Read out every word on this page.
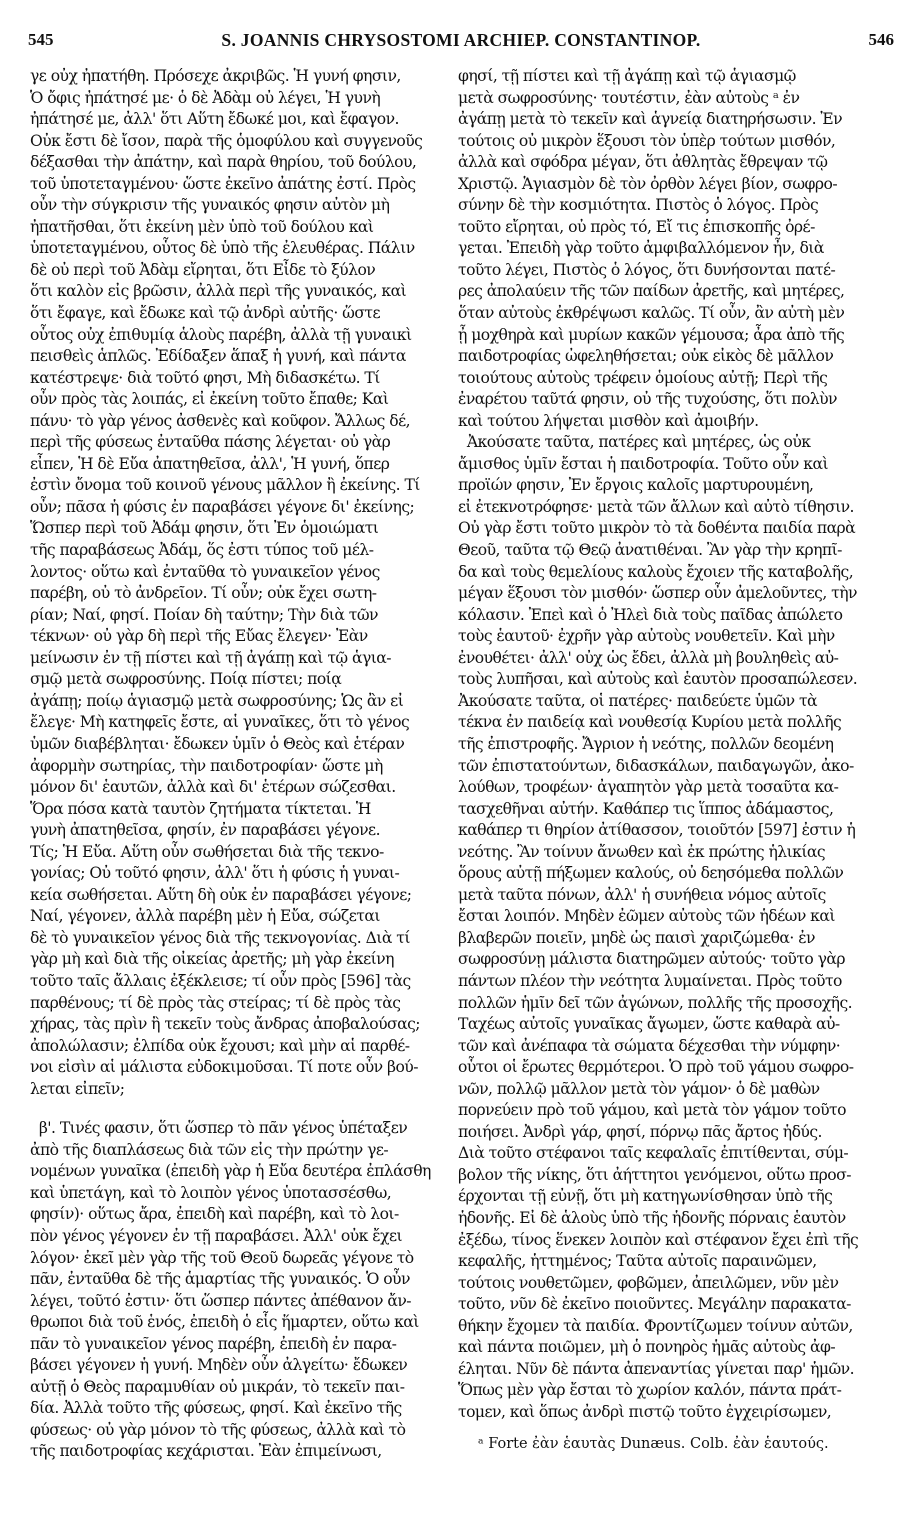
545	S. JOANNIS CHRYSOSTOMI ARCHIEP. CONSTANTINOP.	546
γε οὐχ ἠπατήθη. Πρόσεχε ἀκριβῶς. Ἡ γυνή φησιν,
Ὁ ὄφις ἠπάτησέ με· ὁ δὲ Ἀδὰμ οὐ λέγει, Ἡ γυνὴ
ἠπάτησέ με, ἀλλ' ὅτι Αὕτη ἔδωκέ μοι, καὶ ἔφαγον.
Οὐκ ἔστι δὲ ἴσον, παρὰ τῆς ὁμοφύλου καὶ συγγενοῦς
δέξασθαι τὴν ἀπάτην, καὶ παρὰ θηρίου, τοῦ δούλου,
τοῦ ὑποτεταγμένου· ὥστε ἐκεῖνο ἀπάτης ἐστί. Πρὸς
οὖν τὴν σύγκρισιν τῆς γυναικός φησιν αὐτὸν μὴ
ἠπατῆσθαι, ὅτι ἐκείνη μὲν ὑπὸ τοῦ δούλου καὶ
ὑποτεταγμένου, οὗτος δὲ ὑπὸ τῆς ἐλευθέρας. Πάλιν
δὲ οὐ περὶ τοῦ Ἀδὰμ εἴρηται, ὅτι Εἶδε τὸ ξύλον
ὅτι καλὸν εἰς βρῶσιν, ἀλλὰ περὶ τῆς γυναικός, καὶ
ὅτι ἔφαγε, καὶ ἔδωκε καὶ τῷ ἀνδρὶ αὐτῆς· ὥστε
οὗτος οὐχ ἐπιθυμίᾳ ἁλοὺς παρέβη, ἀλλὰ τῇ γυναικὶ
πεισθεὶς ἁπλῶς. Ἐδίδαξεν ἅπαξ ἡ γυνή, καὶ πάντα
κατέστρεψε· διὰ τοῦτό φησι, Μὴ διδασκέτω. Τί
οὖν πρὸς τὰς λοιπάς, εἰ ἐκείνη τοῦτο ἔπαθε; Καὶ
πάνυ· τὸ γὰρ γένος ἀσθενὲς καὶ κοῦφον. Ἄλλως δέ,
περὶ τῆς φύσεως ἐνταῦθα πάσης λέγεται· οὐ γὰρ
εἶπεν, Ἡ δὲ Εὔα ἀπατηθεῖσα, ἀλλ', Ἡ γυνή, ὅπερ
ἐστὶν ὄνομα τοῦ κοινοῦ γένους μᾶλλον ἢ ἐκείνης. Τί
οὖν; πᾶσα ἡ φύσις ἐν παραβάσει γέγονε δι' ἐκείνης;
Ὥσπερ περὶ τοῦ Ἀδάμ φησιν, ὅτι Ἐν ὁμοιώματι
τῆς παραβάσεως Ἀδάμ, ὅς ἐστι τύπος τοῦ μέλ-
λοντος· οὕτω καὶ ἐνταῦθα τὸ γυναικεῖον γένος
παρέβη, οὐ τὸ ἀνδρεῖον. Τί οὖν; οὐκ ἔχει σωτη-
ρίαν; Ναί, φησί. Ποίαν δὴ ταύτην; Τὴν διὰ τῶν
τέκνων· οὐ γὰρ δὴ περὶ τῆς Εὔας ἔλεγεν· Ἐὰν
μείνωσιν ἐν τῇ πίστει καὶ τῇ ἀγάπῃ καὶ τῷ ἁγια-
σμῷ μετὰ σωφροσύνης. Ποίᾳ πίστει; ποίᾳ
ἀγάπῃ; ποίῳ ἁγιασμῷ μετὰ σωφροσύνης; Ὡς ἂν εἰ
ἔλεγε· Μὴ κατηφεῖς ἔστε, αἱ γυναῖκες, ὅτι τὸ γένος
ὑμῶν διαβέβληται· ἔδωκεν ὑμῖν ὁ Θεὸς καὶ ἑτέραν
ἀφορμὴν σωτηρίας, τὴν παιδοτροφίαν· ὥστε μὴ
μόνον δι' ἑαυτῶν, ἀλλὰ καὶ δι' ἑτέρων σώζεσθαι.
Ὅρα πόσα κατὰ ταυτὸν ζητήματα τίκτεται. Ἡ
γυνὴ ἀπατηθεῖσα, φησίν, ἐν παραβάσει γέγονε.
Τίς; Ἡ Εὔα. Αὕτη οὖν σωθήσεται διὰ τῆς τεκνο-
γονίας; Οὐ τοῦτό φησιν, ἀλλ' ὅτι ἡ φύσις ἡ γυναι-
κεία σωθήσεται. Αὕτη δὴ οὐκ ἐν παραβάσει γέγονε;
Ναί, γέγονεν, ἀλλὰ παρέβη μὲν ἡ Εὔα, σώζεται
δὲ τὸ γυναικεῖον γένος διὰ τῆς τεκνογονίας. Διὰ τί
γὰρ μὴ καὶ διὰ τῆς οἰκείας ἀρετῆς; μὴ γὰρ ἐκείνη
τοῦτο ταῖς ἄλλαις ἐξέκλεισε; τί οὖν πρὸς [596] τὰς
παρθένους; τί δὲ πρὸς τὰς στείρας; τί δὲ πρὸς τὰς
χήρας, τὰς πρὶν ἢ τεκεῖν τοὺς ἄνδρας ἀποβαλούσας;
ἀπολώλασιν; ἐλπίδα οὐκ ἔχουσι; καὶ μὴν αἱ παρθέ-
νοι εἰσὶν αἱ μάλιστα εὐδοκιμοῦσαι. Τί ποτε οὖν βού-
λεται εἰπεῖν;
β'. Τινές φασιν, ὅτι ὥσπερ τὸ πᾶν γένος ὑπέταξεν
ἀπὸ τῆς διαπλάσεως διὰ τῶν εἰς τὴν πρώτην γε-
νομένων γυναῖκα (ἐπειδὴ γὰρ ἡ Εὔα δευτέρα ἐπλάσθη
καὶ ὑπετάγη, καὶ τὸ λοιπὸν γένος ὑποτασσέσθω,
φησίν)· οὕτως ἄρα, ἐπειδὴ καὶ παρέβη, καὶ τὸ λοι-
πὸν γένος γέγονεν ἐν τῇ παραβάσει. Ἀλλ' οὐκ ἔχει
λόγον· ἐκεῖ μὲν γὰρ τῆς τοῦ Θεοῦ δωρεᾶς γέγονε τὸ
πᾶν, ἐνταῦθα δὲ τῆς ἁμαρτίας τῆς γυναικός. Ὁ οὖν
λέγει, τοῦτό ἐστιν· ὅτι ὥσπερ πάντες ἀπέθανον ἄν-
θρωποι διὰ τοῦ ἑνός, ἐπειδὴ ὁ εἷς ἥμαρτεν, οὕτω καὶ
πᾶν τὸ γυναικεῖον γένος παρέβη, ἐπειδὴ ἐν παρα-
βάσει γέγονεν ἡ γυνή. Μηδὲν οὖν ἀλγείτω· ἔδωκεν
αὐτῇ ὁ Θεὸς παραμυθίαν οὐ μικράν, τὸ τεκεῖν παι-
δία. Ἀλλὰ τοῦτο τῆς φύσεως, φησί. Καὶ ἐκεῖνο τῆς
φύσεως· οὐ γὰρ μόνον τὸ τῆς φύσεως, ἀλλὰ καὶ τὸ
τῆς παιδοτροφίας κεχάρισται. Ἐὰν ἐπιμείνωσι,
φησί, τῇ πίστει καὶ τῇ ἀγάπῃ καὶ τῷ ἁγιασμῷ
μετὰ σωφροσύνης· τουτέστιν, ἐὰν αὐτοὺς ᵃ ἐν
ἀγάπῃ μετὰ τὸ τεκεῖν καὶ ἁγνείᾳ διατηρήσωσιν. Ἐν
τούτοις οὐ μικρὸν ἕξουσι τὸν ὑπὲρ τούτων μισθόν,
ἀλλὰ καὶ σφόδρα μέγαν, ὅτι ἀθλητὰς ἔθρεψαν τῷ
Χριστῷ. Ἁγιασμὸν δὲ τὸν ὀρθὸν λέγει βίον, σωφρο-
σύνην δὲ τὴν κοσμιότητα. Πιστὸς ὁ λόγος. Πρὸς
τοῦτο εἴρηται, οὐ πρὸς τό, Εἴ τις ἐπισκοπῆς ὀρέ-
γεται. Ἐπειδὴ γὰρ τοῦτο ἀμφιβαλλόμενον ἦν, διὰ
τοῦτο λέγει, Πιστὸς ὁ λόγος, ὅτι δυνήσονται πατέ-
ρες ἀπολαύειν τῆς τῶν παίδων ἀρετῆς, καὶ μητέρες,
ὅταν αὐτοὺς ἐκθρέψωσι καλῶς. Τί οὖν, ἂν αὐτὴ μὲν
ᾖ μοχθηρὰ καὶ μυρίων κακῶν γέμουσα; ἆρα ἀπὸ τῆς
παιδοτροφίας ὠφεληθήσεται; οὐκ εἰκὸς δὲ μᾶλλον
τοιούτους αὐτοὺς τρέφειν ὁμοίους αὐτῇ; Περὶ τῆς
ἐναρέτου ταῦτά φησιν, οὐ τῆς τυχούσης, ὅτι πολὺν
καὶ τούτου λήψεται μισθὸν καὶ ἀμοιβήν.
Ἀκούσατε ταῦτα, πατέρες καὶ μητέρες, ὡς οὐκ
ἄμισθος ὑμῖν ἔσται ἡ παιδοτροφία. Τοῦτο οὖν καὶ
προϊών φησιν, Ἐν ἔργοις καλοῖς μαρτυρουμένη,
εἰ ἐτεκνοτρόφησε· μετὰ τῶν ἄλλων καὶ αὐτὸ τίθησιν.
Οὐ γὰρ ἔστι τοῦτο μικρὸν τὸ τὰ δοθέντα παιδία παρὰ
Θεοῦ, ταῦτα τῷ Θεῷ ἀνατιθέναι. Ἂν γὰρ τὴν κρηπῖ-
δα καὶ τοὺς θεμελίους καλοὺς ἔχοιεν τῆς καταβολῆς,
μέγαν ἕξουσι τὸν μισθόν· ὥσπερ οὖν ἀμελοῦντες, τὴν
κόλασιν. Ἐπεὶ καὶ ὁ Ἠλεὶ διὰ τοὺς παῖδας ἀπώλετο
τοὺς ἑαυτοῦ· ἐχρῆν γὰρ αὐτοὺς νουθετεῖν. Καὶ μὴν
ἐνουθέτει· ἀλλ' οὐχ ὡς ἔδει, ἀλλὰ μὴ βουληθεὶς αὐ-
τοὺς λυπῆσαι, καὶ αὐτοὺς καὶ ἑαυτὸν προσαπώλεσεν.
Ἀκούσατε ταῦτα, οἱ πατέρες· παιδεύετε ὑμῶν τὰ
τέκνα ἐν παιδείᾳ καὶ νουθεσίᾳ Κυρίου μετὰ πολλῆς
τῆς ἐπιστροφῆς. Ἄγριον ἡ νεότης, πολλῶν δεομένη
τῶν ἐπιστατούντων, διδασκάλων, παιδαγωγῶν, ἀκο-
λούθων, τροφέων· ἀγαπητὸν γὰρ μετὰ τοσαῦτα κα-
τασχεθῆναι αὐτήν. Καθάπερ τις ἵππος ἀδάμαστος,
καθάπερ τι θηρίον ἀτίθασσον, τοιοῦτόν [597] ἐστιν ἡ
νεότης. Ἂν τοίνυν ἄνωθεν καὶ ἐκ πρώτης ἡλικίας
ὅρους αὐτῇ πήξωμεν καλούς, οὐ δεησόμεθα πολλῶν
μετὰ ταῦτα πόνων, ἀλλ' ἡ συνήθεια νόμος αὐτοῖς
ἔσται λοιπόν. Μηδὲν ἐῶμεν αὐτοὺς τῶν ἡδέων καὶ
βλαβερῶν ποιεῖν, μηδὲ ὡς παισὶ χαριζώμεθα· ἐν
σωφροσύνῃ μάλιστα διατηρῶμεν αὐτούς· τοῦτο γὰρ
πάντων πλέον τὴν νεότητα λυμαίνεται. Πρὸς τοῦτο
πολλῶν ἡμῖν δεῖ τῶν ἀγώνων, πολλῆς τῆς προσοχῆς.
Ταχέως αὐτοῖς γυναῖκας ἄγωμεν, ὥστε καθαρὰ αὐ-
τῶν καὶ ἀνέπαφα τὰ σώματα δέχεσθαι τὴν νύμφην·
οὗτοι οἱ ἔρωτες θερμότεροι. Ὁ πρὸ τοῦ γάμου σωφρο-
νῶν, πολλῷ μᾶλλον μετὰ τὸν γάμον· ὁ δὲ μαθὼν
πορνεύειν πρὸ τοῦ γάμου, καὶ μετὰ τὸν γάμον τοῦτο
ποιήσει. Ἀνδρὶ γάρ, φησί, πόρνῳ πᾶς ἄρτος ἡδύς.
Διὰ τοῦτο στέφανοι ταῖς κεφαλαῖς ἐπιτίθενται, σύμ-
βολον τῆς νίκης, ὅτι ἀήττητοι γενόμενοι, οὕτω προσ-
έρχονται τῇ εὐνῇ, ὅτι μὴ κατηγωνίσθησαν ὑπὸ τῆς
ἡδονῆς. Εἰ δὲ ἁλοὺς ὑπὸ τῆς ἡδονῆς πόρναις ἑαυτὸν
ἐξέδω, τίνος ἕνεκεν λοιπὸν καὶ στέφανον ἔχει ἐπὶ τῆς
κεφαλῆς, ἡττημένος; Ταῦτα αὐτοῖς παραινῶμεν,
τούτοις νουθετῶμεν, φοβῶμεν, ἀπειλῶμεν, νῦν μὲν
τοῦτο, νῦν δὲ ἐκεῖνο ποιοῦντες. Μεγάλην παρακατα-
θήκην ἔχομεν τὰ παιδία. Φροντίζωμεν τοίνυν αὐτῶν,
καὶ πάντα ποιῶμεν, μὴ ὁ πονηρὸς ἡμᾶς αὐτοὺς ἀφ-
έληται. Νῦν δὲ πάντα ἀπεναντίας γίνεται παρ' ἡμῶν.
Ὅπως μὲν γὰρ ἔσται τὸ χωρίον καλόν, πάντα πράτ-
τομεν, καὶ ὅπως ἀνδρὶ πιστῷ τοῦτο ἐγχειρίσωμεν,
ᵃ Forte ἐὰν ἑαυτὰς Dunæus. Colb. ἐὰν ἑαυτούς.
